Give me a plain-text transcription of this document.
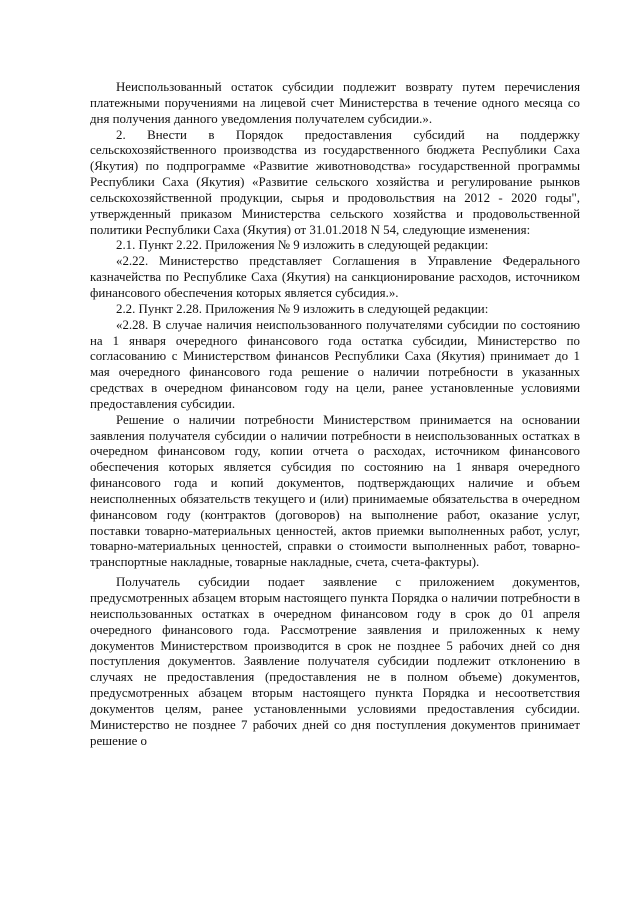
Неиспользованный остаток субсидии подлежит возврату путем перечисления платежными поручениями на лицевой счет Министерства в течение одного месяца со дня получения данного уведомления получателем субсидии.».

2. Внести в Порядок предоставления субсидий на поддержку сельскохозяйственного производства из государственного бюджета Республики Саха (Якутия) по подпрограмме «Развитие животноводства» государственной программы Республики Саха (Якутия) «Развитие сельского хозяйства и регулирование рынков сельскохозяйственной продукции, сырья и продовольствия на 2012 - 2020 годы", утвержденный приказом Министерства сельского хозяйства и продовольственной политики Республики Саха (Якутия) от 31.01.2018 N 54, следующие изменения:

2.1. Пункт 2.22. Приложения № 9 изложить в следующей редакции:

«2.22. Министерство представляет Соглашения в Управление Федерального казначейства по Республике Саха (Якутия) на санкционирование расходов, источником финансового обеспечения которых является субсидия.».

2.2. Пункт 2.28. Приложения № 9 изложить в следующей редакции:

«2.28. В случае наличия неиспользованного получателями субсидии по состоянию на 1 января очередного финансового года остатка субсидии, Министерство по согласованию с Министерством финансов Республики Саха (Якутия) принимает до 1 мая очередного финансового года решение о наличии потребности в указанных средствах в очередном финансовом году на цели, ранее установленные условиями предоставления субсидии.

Решение о наличии потребности Министерством принимается на основании заявления получателя субсидии о наличии потребности в неиспользованных остатках в очередном финансовом году, копии отчета о расходах, источником финансового обеспечения которых является субсидия по состоянию на 1 января очередного финансового года и копий документов, подтверждающих наличие и объем неисполненных обязательств текущего и (или) принимаемые обязательства в очередном финансовом году (контрактов (договоров) на выполнение работ, оказание услуг, поставки товарно-материальных ценностей, актов приемки выполненных работ, услуг, товарно-материальных ценностей, справки о стоимости выполненных работ, товарно-транспортные накладные, товарные накладные, счета, счета-фактуры).

Получатель субсидии подает заявление с приложением документов, предусмотренных абзацем вторым настоящего пункта Порядка о наличии потребности в неиспользованных остатках в очередном финансовом году в срок до 01 апреля очередного финансового года. Рассмотрение заявления и приложенных к нему документов Министерством производится в срок не позднее 5 рабочих дней со дня поступления документов. Заявление получателя субсидии подлежит отклонению в случаях не предоставления (предоставления не в полном объеме) документов, предусмотренных абзацем вторым настоящего пункта Порядка и несоответствия документов целям, ранее установленными условиями предоставления субсидии. Министерство не позднее 7 рабочих дней со дня поступления документов принимает решение о
